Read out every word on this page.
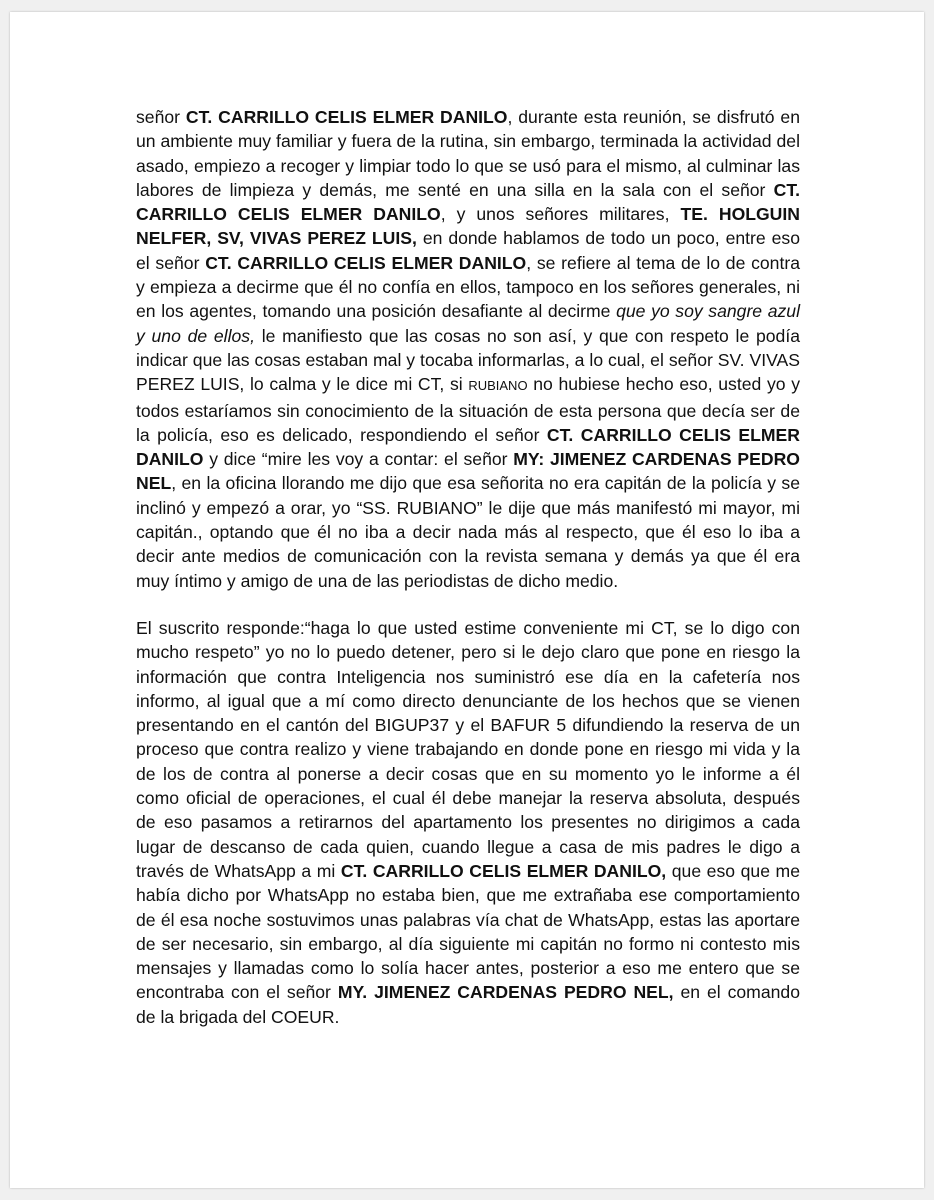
señor CT. CARRILLO CELIS ELMER DANILO, durante esta reunión, se disfrutó en un ambiente muy familiar y fuera de la rutina, sin embargo, terminada la actividad del asado, empiezo a recoger y limpiar todo lo que se usó para el mismo, al culminar las labores de limpieza y demás, me senté en una silla en la sala con el señor CT. CARRILLO CELIS ELMER DANILO, y unos señores militares, TE. HOLGUIN NELFER, SV, VIVAS PEREZ LUIS, en donde hablamos de todo un poco, entre eso el señor CT. CARRILLO CELIS ELMER DANILO, se refiere al tema de lo de contra y empieza a decirme que él no confía en ellos, tampoco en los señores generales, ni en los agentes, tomando una posición desafiante al decirme que yo soy sangre azul y uno de ellos, le manifiesto que las cosas no son así, y que con respeto le podía indicar que las cosas estaban mal y tocaba informarlas, a lo cual, el señor SV. VIVAS PEREZ LUIS, lo calma y le dice mi CT, si RUBIANO no hubiese hecho eso, usted yo y todos estaríamos sin conocimiento de la situación de esta persona que decía ser de la policía, eso es delicado, respondiendo el señor CT. CARRILLO CELIS ELMER DANILO y dice “mire les voy a contar: el señor MY: JIMENEZ CARDENAS PEDRO NEL, en la oficina llorando me dijo que esa señorita no era capitán de la policía y se inclinó y empezó a orar, yo “SS. RUBIANO” le dije que más manifestó mi mayor, mi capitán., optando que él no iba a decir nada más al respecto, que él eso lo iba a decir ante medios de comunicación con la revista semana y demás ya que él era muy íntimo y amigo de una de las periodistas de dicho medio.

El suscrito responde:“haga lo que usted estime conveniente mi CT, se lo digo con mucho respeto” yo no lo puedo detener, pero si le dejo claro que pone en riesgo la información que contra Inteligencia nos suministró ese día en la cafetería nos informo, al igual que a mí como directo denunciante de los hechos que se vienen presentando en el cantón del BIGUP37 y el BAFUR 5 difundiendo la reserva de un proceso que contra realizo y viene trabajando en donde pone en riesgo mi vida y la de los de contra al ponerse a decir cosas que en su momento yo le informe a él como oficial de operaciones, el cual él debe manejar la reserva absoluta, después de eso pasamos a retirarnos del apartamento los presentes no dirigimos a cada lugar de descanso de cada quien, cuando llegue a casa de mis padres le digo a través de WhatsApp a mi CT. CARRILLO CELIS ELMER DANILO, que eso que me había dicho por WhatsApp no estaba bien, que me extrañaba ese comportamiento de él esa noche sostuvimos unas palabras vía chat de WhatsApp, estas las aportare de ser necesario, sin embargo, al día siguiente mi capitán no formo ni contesto mis mensajes y llamadas como lo solía hacer antes, posterior a eso me entero que se encontraba con el señor MY. JIMENEZ CARDENAS PEDRO NEL, en el comando de la brigada del COEUR.
